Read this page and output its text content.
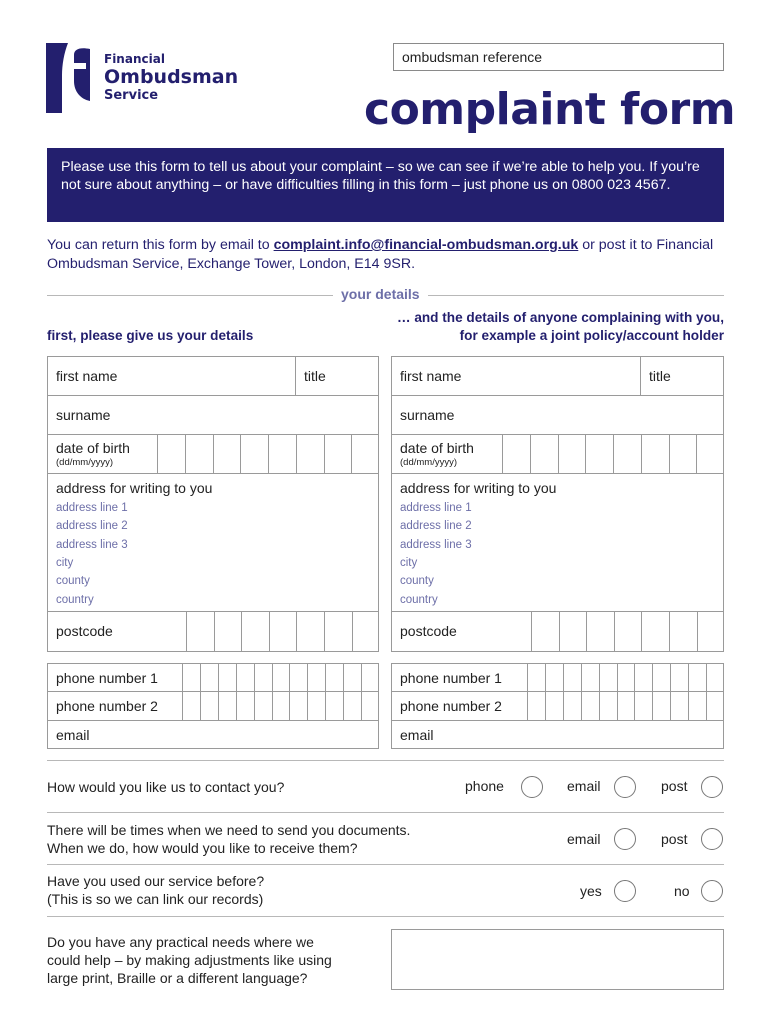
Financial
Ombudsman
Service
ombudsman reference
complaint form
Please use this form to tell us about your complaint – so we can see if we’re able to help you. If you’re not sure about anything – or have difficulties filling in this form – just phone us on 0800 023 4567.
You can return this form by email to complaint.info@financial-ombudsman.org.uk or post it to Financial Ombudsman Service, Exchange Tower, London, E14 9SR.
your details
first, please give us your details
… and the details of anyone complaining with you, for example a joint policy/account holder
first name	title
surname
date of birth
(dd/mm/yyyy)
address for writing to you
address line 1
address line 2
address line 3
city
county
country
postcode
phone number 1
phone number 2
email
first name	title
surname
date of birth
(dd/mm/yyyy)
address for writing to you
address line 1
address line 2
address line 3
city
county
country
postcode
phone number 1
phone number 2
email
How would you like us to contact you?	phone	email	post
There will be times when we need to send you documents.
When we do, how would you like to receive them?
email	post
Have you used our service before?
(This is so we can link our records)	yes	no
Do you have any practical needs where we
could help – by making adjustments like using
large print, Braille or a different language?
